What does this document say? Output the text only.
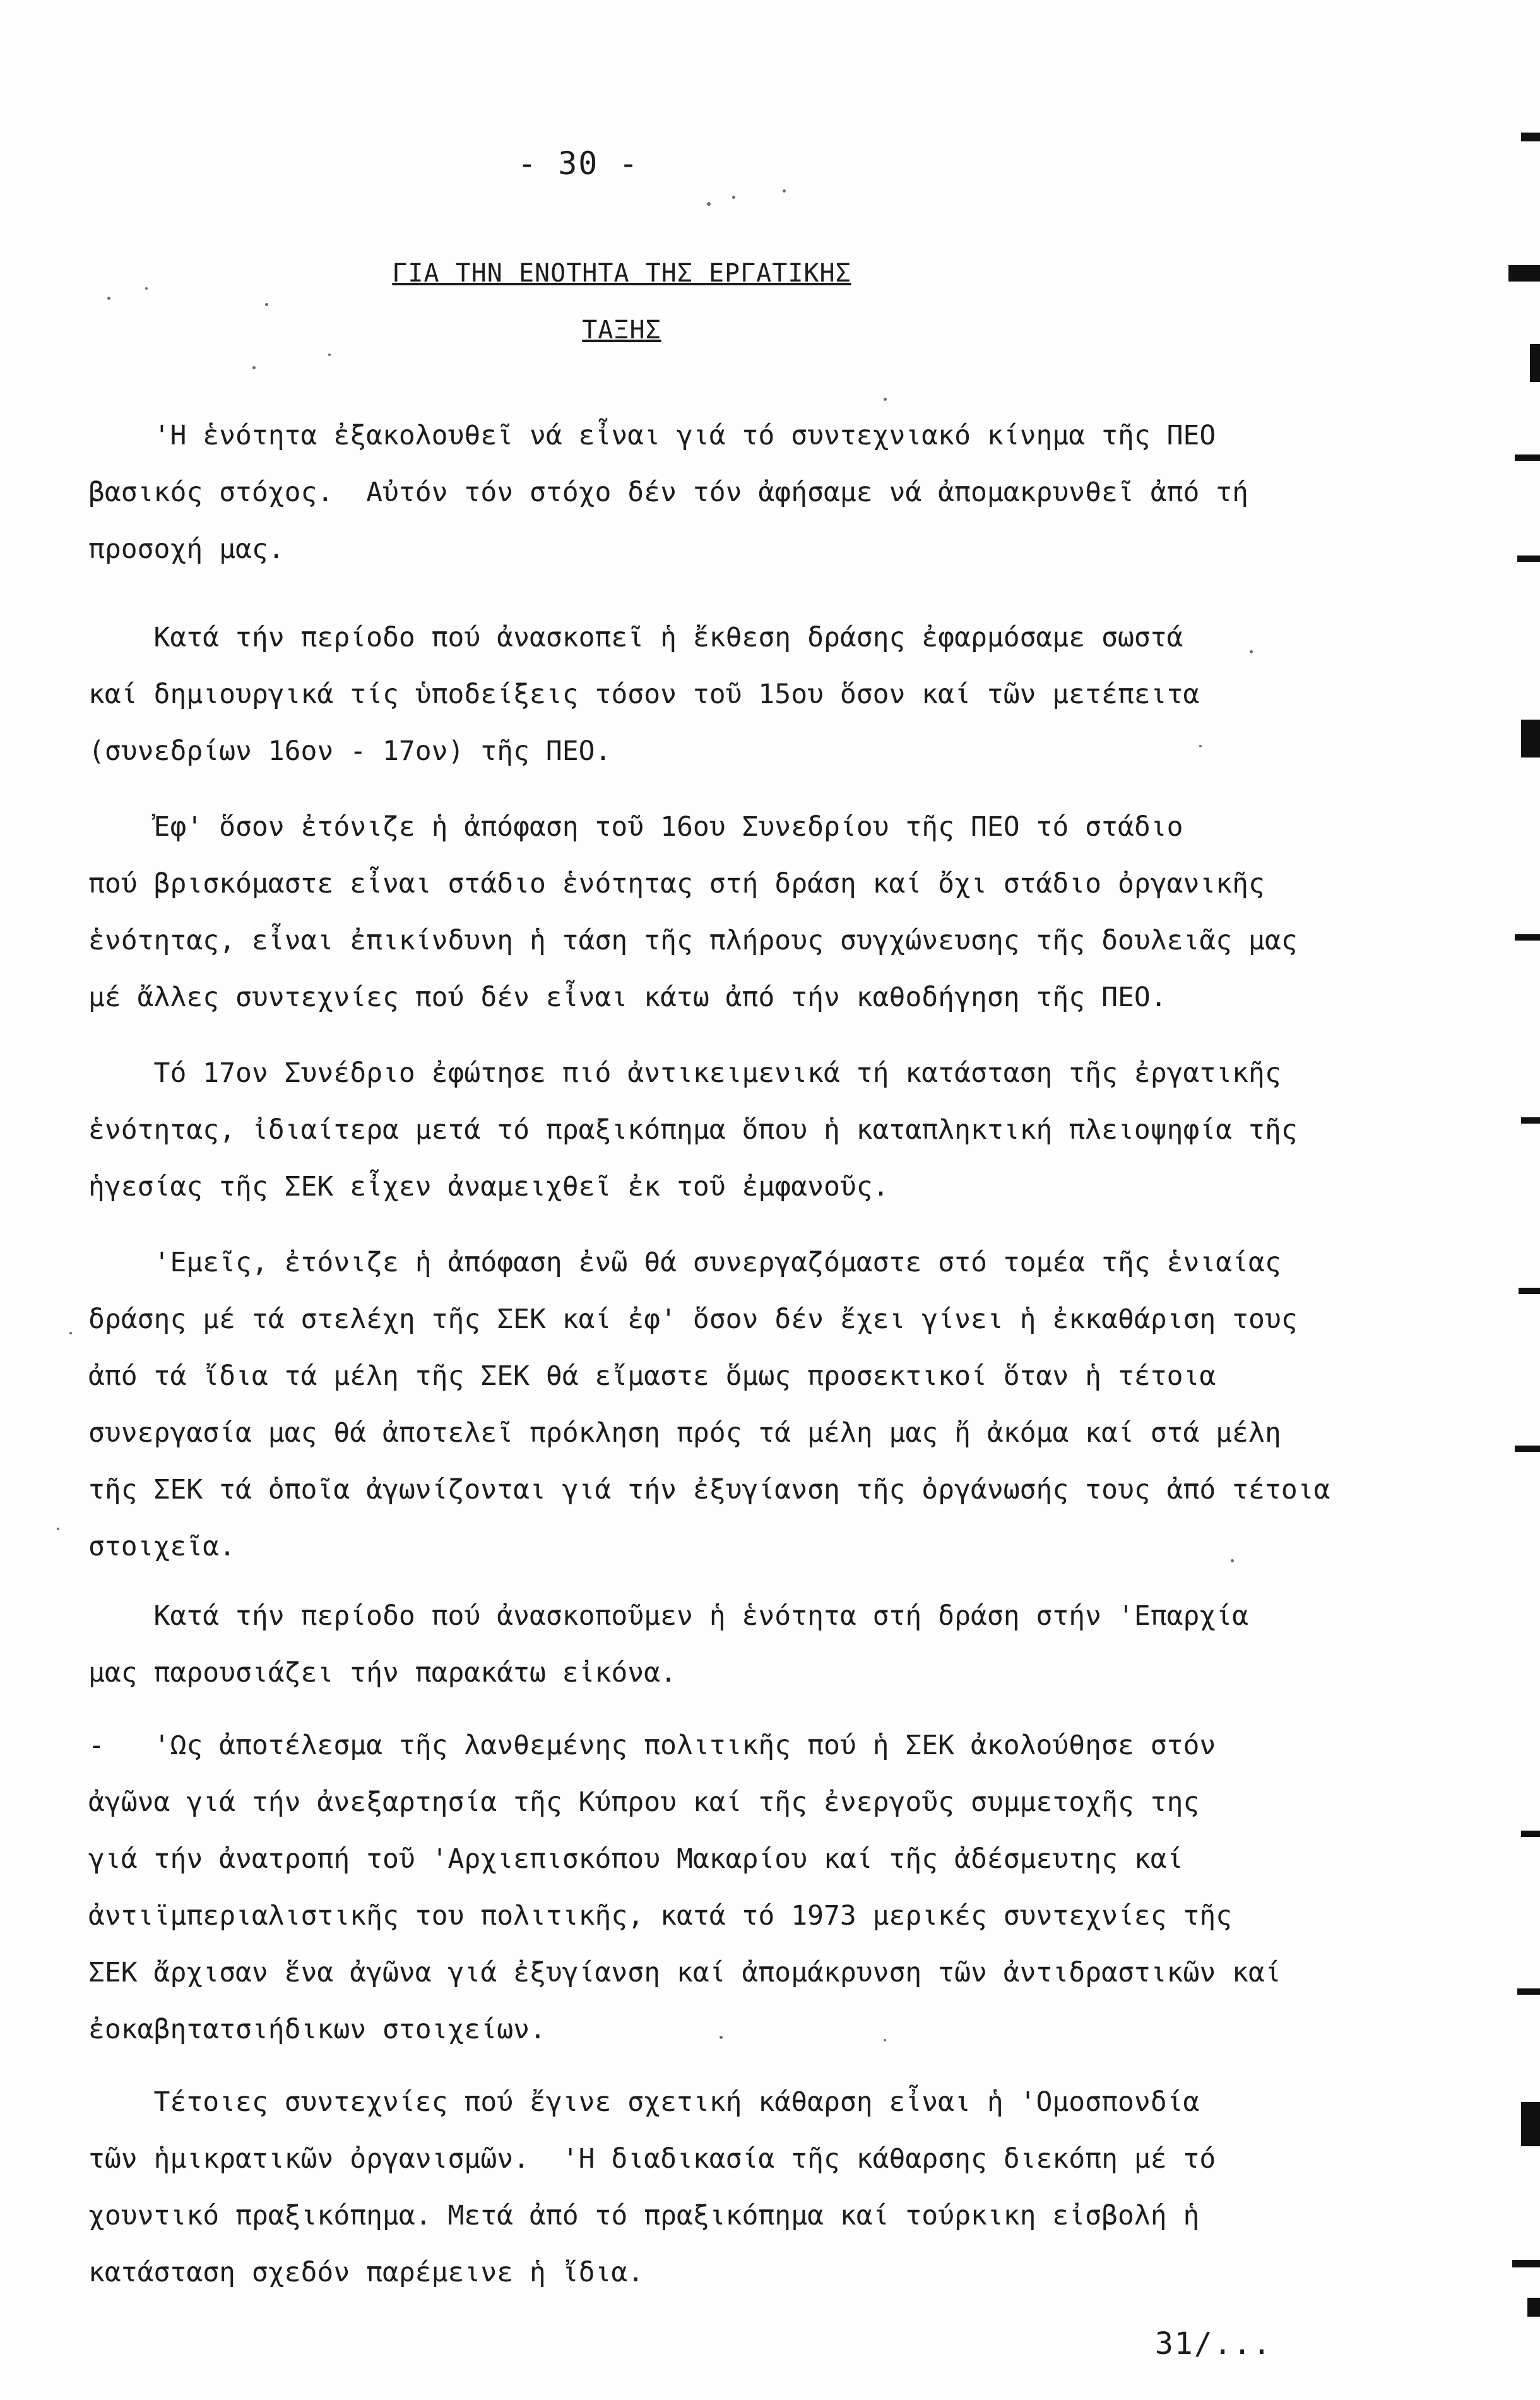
- 30 -
ΓΙΑ ΤΗΝ ΕΝΟΤΗΤΑ ΤΗΣ ΕΡΓΑΤΙΚΗΣ
ΤΑΞΗΣ
'Η ἑνότητα ἐξακολουθεῖ νά εἶναι γιά τό συντεχνιακό κίνημα τῆς ΠΕΟ
βασικός στόχος.  Αὐτόν τόν στόχο δέν τόν ἀφήσαμε νά ἀπομακρυνθεῖ ἀπό τή
προσοχή μας.
Κατά τήν περίοδο πού ἀνασκοπεῖ ἡ ἔκθεση δράσης ἐφαρμόσαμε σωστά
καί δημιουργικά τίς ὑποδείξεις τόσον τοῦ 15ου ὅσον καί τῶν μετέπειτα
(συνεδρίων 16ον - 17ον) τῆς ΠΕΟ.
Ἐφ' ὅσον ἐτόνιζε ἡ ἀπόφαση τοῦ 16ου Συνεδρίου τῆς ΠΕΟ τό στάδιο
πού βρισκόμαστε εἶναι στάδιο ἑνότητας στή δράση καί ὄχι στάδιο ὀργανικῆς
ἑνότητας, εἶναι ἐπικίνδυνη ἡ τάση τῆς πλήρους συγχώνευσης τῆς δουλειᾶς μας
μέ ἄλλες συντεχνίες πού δέν εἶναι κάτω ἀπό τήν καθοδήγηση τῆς ΠΕΟ.
Τό 17ον Συνέδριο ἐφώτησε πιό ἀντικειμενικά τή κατάσταση τῆς ἐργατικῆς
ἑνότητας, ἰδιαίτερα μετά τό πραξικόπημα ὅπου ἡ καταπληκτική πλειοψηφία τῆς
ἡγεσίας τῆς ΣΕΚ εἶχεν ἀναμειχθεῖ ἐκ τοῦ ἐμφανοῦς.
'Εμεῖς, ἐτόνιζε ἡ ἀπόφαση ἐνῶ θά συνεργαζόμαστε στό τομέα τῆς ἑνιαίας
δράσης μέ τά στελέχη τῆς ΣΕΚ καί ἐφ' ὅσον δέν ἔχει γίνει ἡ ἐκκαθάριση τους
ἀπό τά ἴδια τά μέλη τῆς ΣΕΚ θά εἴμαστε ὅμως προσεκτικοί ὅταν ἡ τέτοια
συνεργασία μας θά ἀποτελεῖ πρόκληση πρός τά μέλη μας ἤ ἀκόμα καί στά μέλη
τῆς ΣΕΚ τά ὁποῖα ἀγωνίζονται γιά τήν ἐξυγίανση τῆς ὀργάνωσής τους ἀπό τέτοια
στοιχεῖα.
Κατά τήν περίοδο πού ἀνασκοποῦμεν ἡ ἑνότητα στή δράση στήν 'Επαρχία
μας παρουσιάζει τήν παρακάτω εἰκόνα.
-   'Ως ἀποτέλεσμα τῆς λανθεμένης πολιτικῆς πού ἡ ΣΕΚ ἀκολούθησε στόν
ἀγῶνα γιά τήν ἀνεξαρτησία τῆς Κύπρου καί τῆς ἐνεργοῦς συμμετοχῆς της
γιά τήν ἀνατροπή τοῦ 'Αρχιεπισκόπου Μακαρίου καί τῆς ἀδέσμευτης καί
ἀντιϊμπεριαλιστικῆς του πολιτικῆς, κατά τό 1973 μερικές συντεχνίες τῆς
ΣΕΚ ἄρχισαν ἕνα ἀγῶνα γιά ἐξυγίανση καί ἀπομάκρυνση τῶν ἀντιδραστικῶν καί
ἐοκαβητατσιήδικων στοιχείων.
Τέτοιες συντεχνίες πού ἔγινε σχετική κάθαρση εἶναι ἡ 'Ομοσπονδία
τῶν ἡμικρατικῶν ὀργανισμῶν.  'Η διαδικασία τῆς κάθαρσης διεκόπη μέ τό
χουντικό πραξικόπημα. Μετά ἀπό τό πραξικόπημα καί τούρκικη εἰσβολή ἡ
κατάσταση σχεδόν παρέμεινε ἡ ἴδια.
31/...
